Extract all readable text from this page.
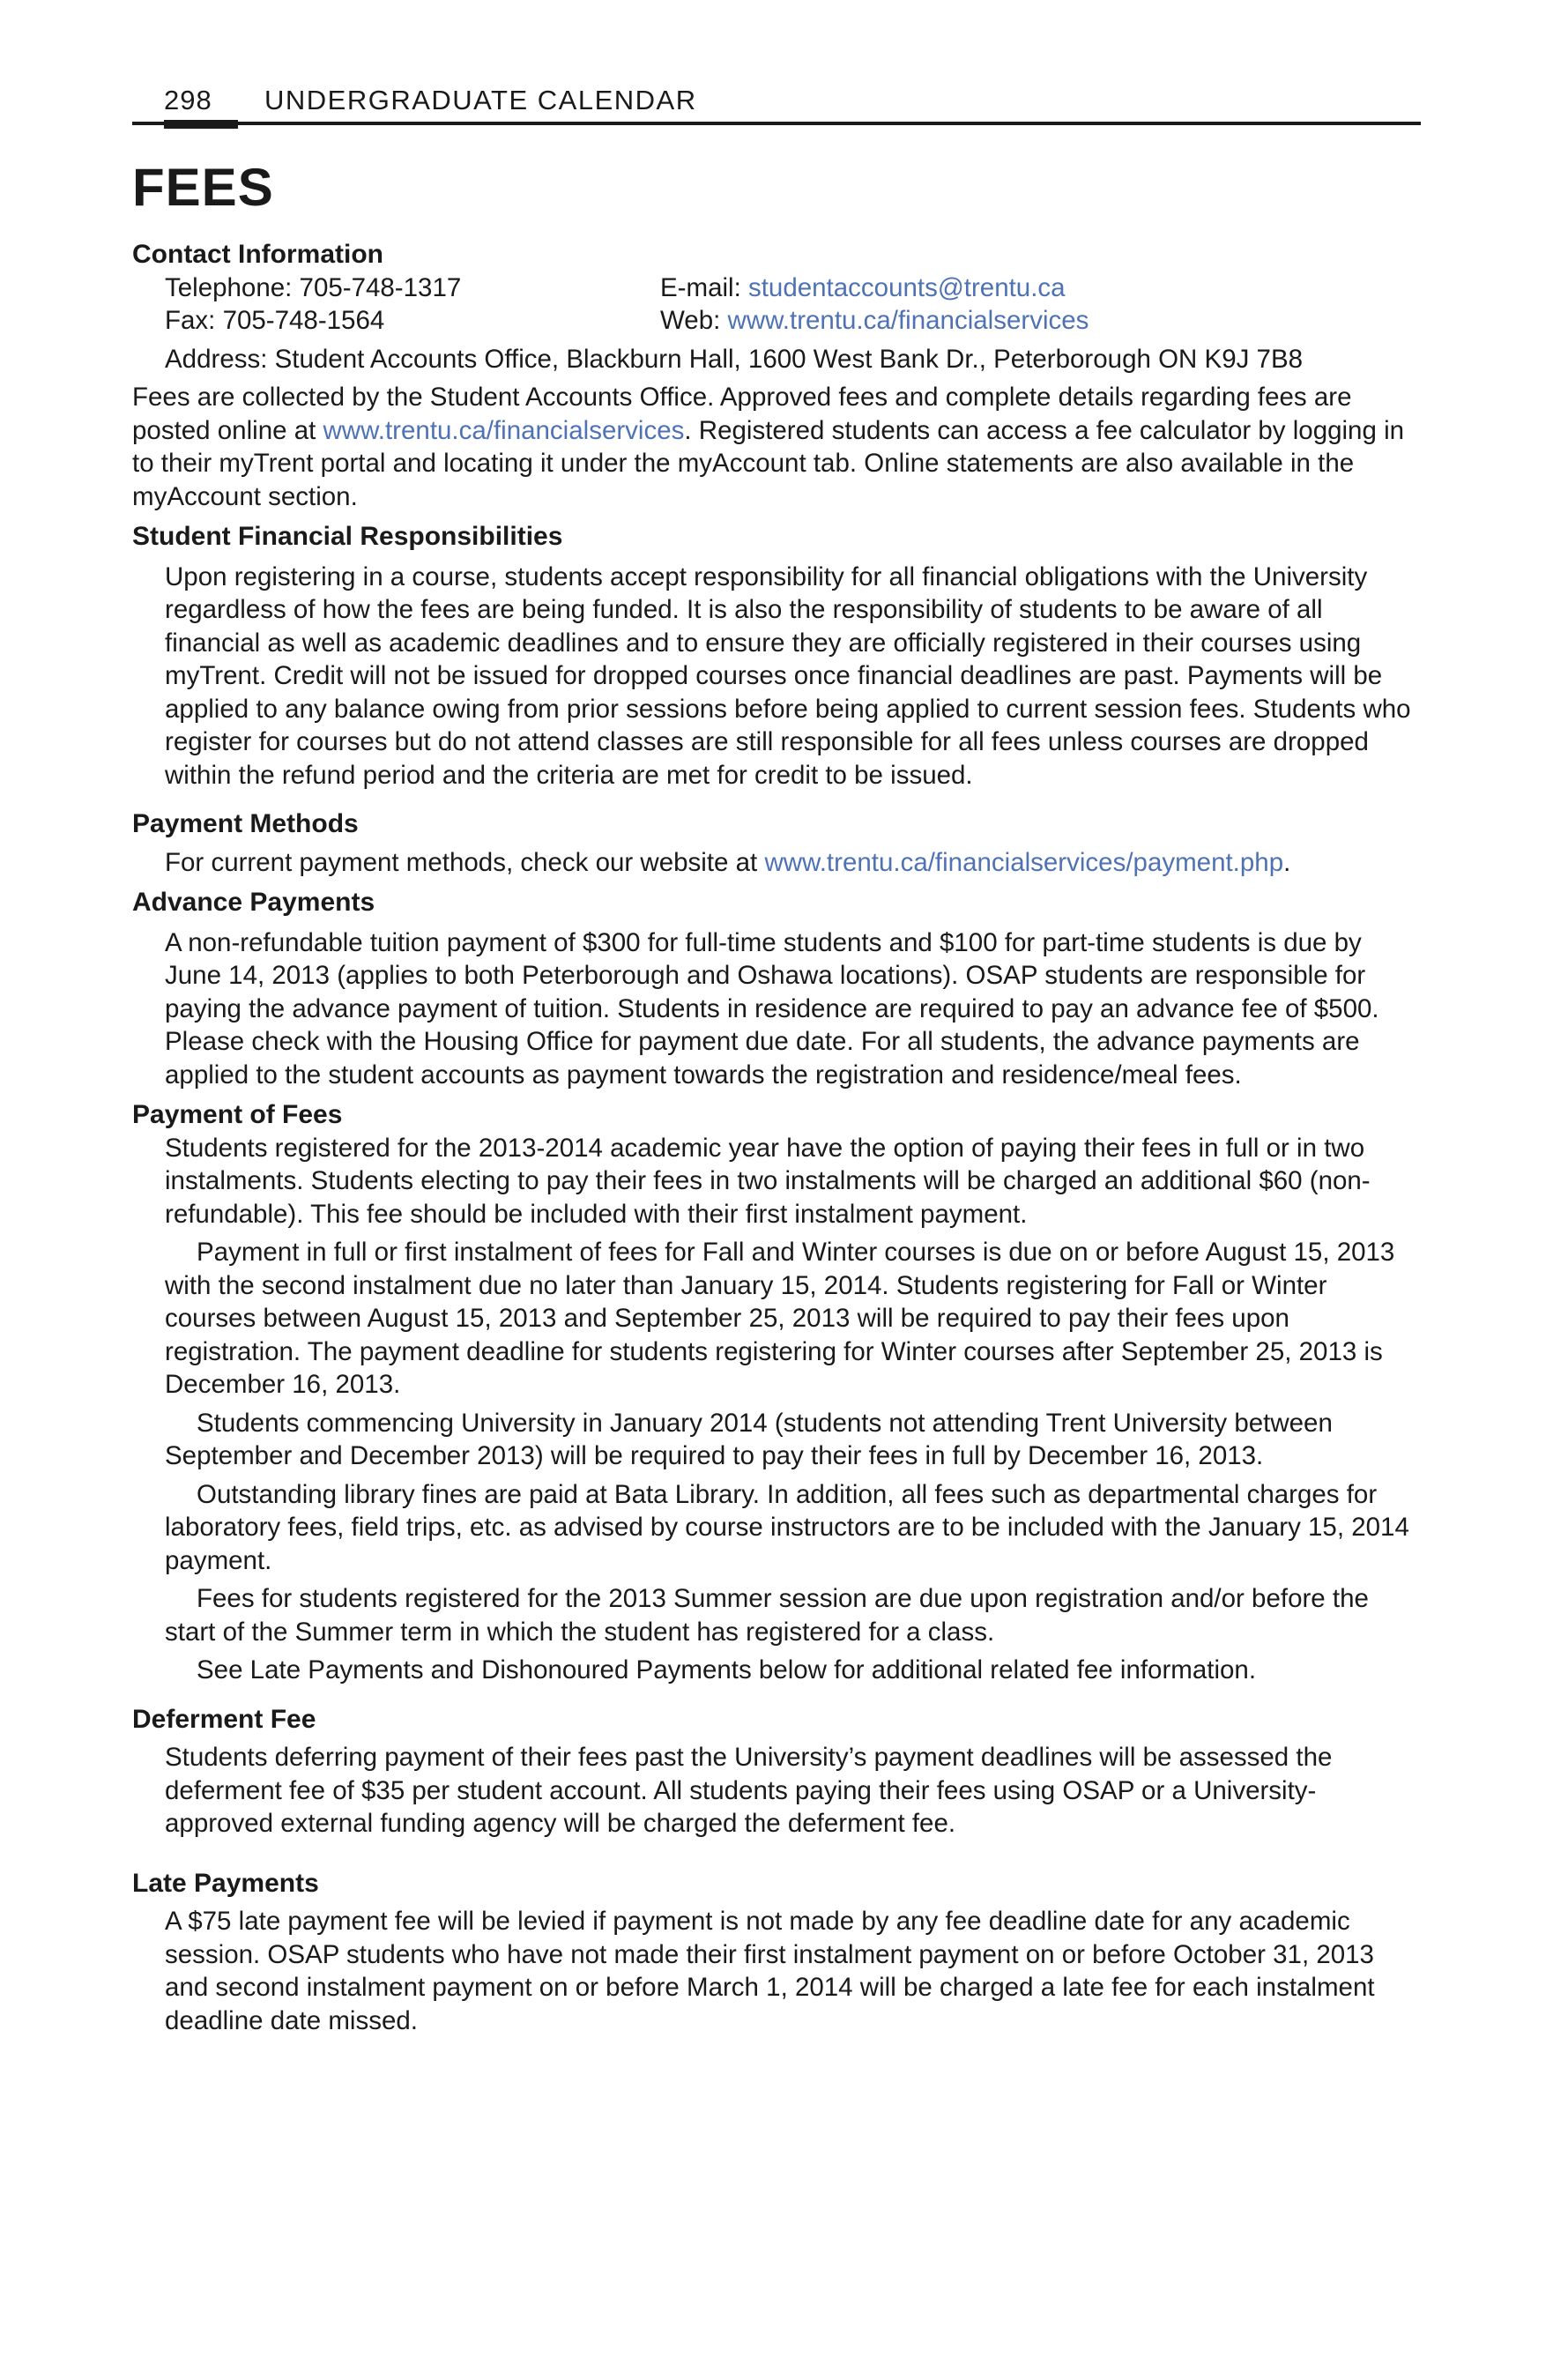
298 UNDERGRADUATE CALENDAR
FEES

Contact Information

Telephone: 705-748-1317
Fax: 705-748-1564
E-mail: studentaccounts@trentu.ca
Web: www.trentu.ca/financialservices

Address: Student Accounts Office, Blackburn Hall, 1600 West Bank Dr., Peterborough ON K9J 7B8

Fees are collected by the Student Accounts Office. Approved fees and complete details regarding fees are posted online at www.trentu.ca/financialservices. Registered students can access a fee calculator by logging in to their myTrent portal and locating it under the myAccount tab. Online statements are also available in the myAccount section.

Student Financial Responsibilities

Upon registering in a course, students accept responsibility for all financial obligations with the University regardless of how the fees are being funded. It is also the responsibility of students to be aware of all financial as well as academic deadlines and to ensure they are officially registered in their courses using myTrent. Credit will not be issued for dropped courses once financial deadlines are past. Payments will be applied to any balance owing from prior sessions before being applied to current session fees. Students who register for courses but do not attend classes are still responsible for all fees unless courses are dropped within the refund period and the criteria are met for credit to be issued.

Payment Methods

For current payment methods, check our website at www.trentu.ca/financialservices/payment.php.

Advance Payments

A non-refundable tuition payment of $300 for full-time students and $100 for part-time students is due by June 14, 2013 (applies to both Peterborough and Oshawa locations). OSAP students are responsible for paying the advance payment of tuition. Students in residence are required to pay an advance fee of $500. Please check with the Housing Office for payment due date. For all students, the advance payments are applied to the student accounts as payment towards the registration and residence/meal fees.

Payment of Fees

Students registered for the 2013-2014 academic year have the option of paying their fees in full or in two instalments. Students electing to pay their fees in two instalments will be charged an additional $60 (non-refundable). This fee should be included with their first instalment payment.

Payment in full or first instalment of fees for Fall and Winter courses is due on or before August 15, 2013 with the second instalment due no later than January 15, 2014. Students registering for Fall or Winter courses between August 15, 2013 and September 25, 2013 will be required to pay their fees upon registration. The payment deadline for students registering for Winter courses after September 25, 2013 is December 16, 2013.

Students commencing University in January 2014 (students not attending Trent University between September and December 2013) will be required to pay their fees in full by December 16, 2013.

Outstanding library fines are paid at Bata Library. In addition, all fees such as departmental charges for laboratory fees, field trips, etc. as advised by course instructors are to be included with the January 15, 2014 payment.

Fees for students registered for the 2013 Summer session are due upon registration and/or before the start of the Summer term in which the student has registered for a class.

See Late Payments and Dishonoured Payments below for additional related fee information.

Deferment Fee

Students deferring payment of their fees past the University’s payment deadlines will be assessed the deferment fee of $35 per student account. All students paying their fees using OSAP or a University-approved external funding agency will be charged the deferment fee.

Late Payments

A $75 late payment fee will be levied if payment is not made by any fee deadline date for any academic session. OSAP students who have not made their first instalment payment on or before October 31, 2013 and second instalment payment on or before March 1, 2014 will be charged a late fee for each instalment deadline date missed.
